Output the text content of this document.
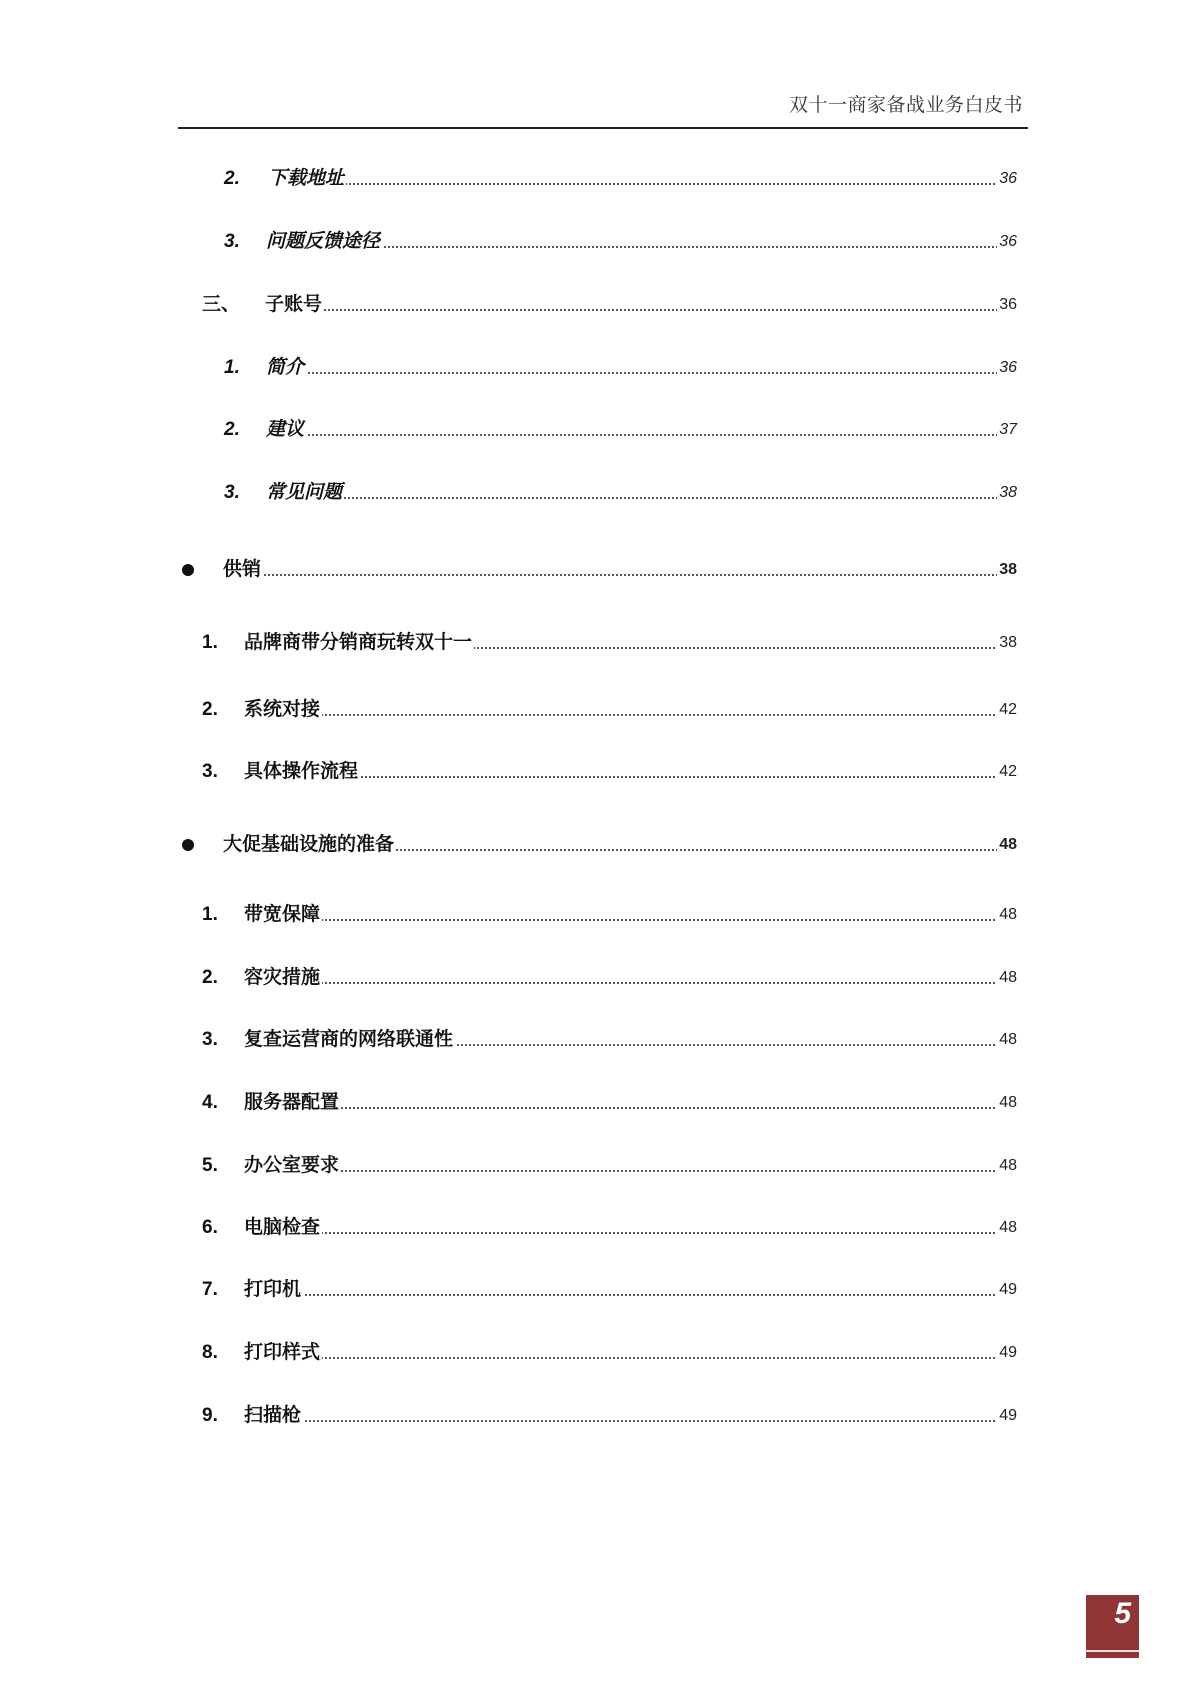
双十一商家备战业务白皮书
2. 下载地址	36
3. 问题反馈途径	36
三、 子账号	36
1. 简介	36
2. 建议	37
3. 常见问题	38
供销	38
1. 品牌商带分销商玩转双十一	38
2. 系统对接	42
3. 具体操作流程	42
大促基础设施的准备	48
1. 带宽保障	48
2. 容灾措施	48
3. 复查运营商的网络联通性	48
4. 服务器配置	48
5. 办公室要求	48
6. 电脑检查	48
7. 打印机	49
8. 打印样式	49
9. 扫描枪	49
5
